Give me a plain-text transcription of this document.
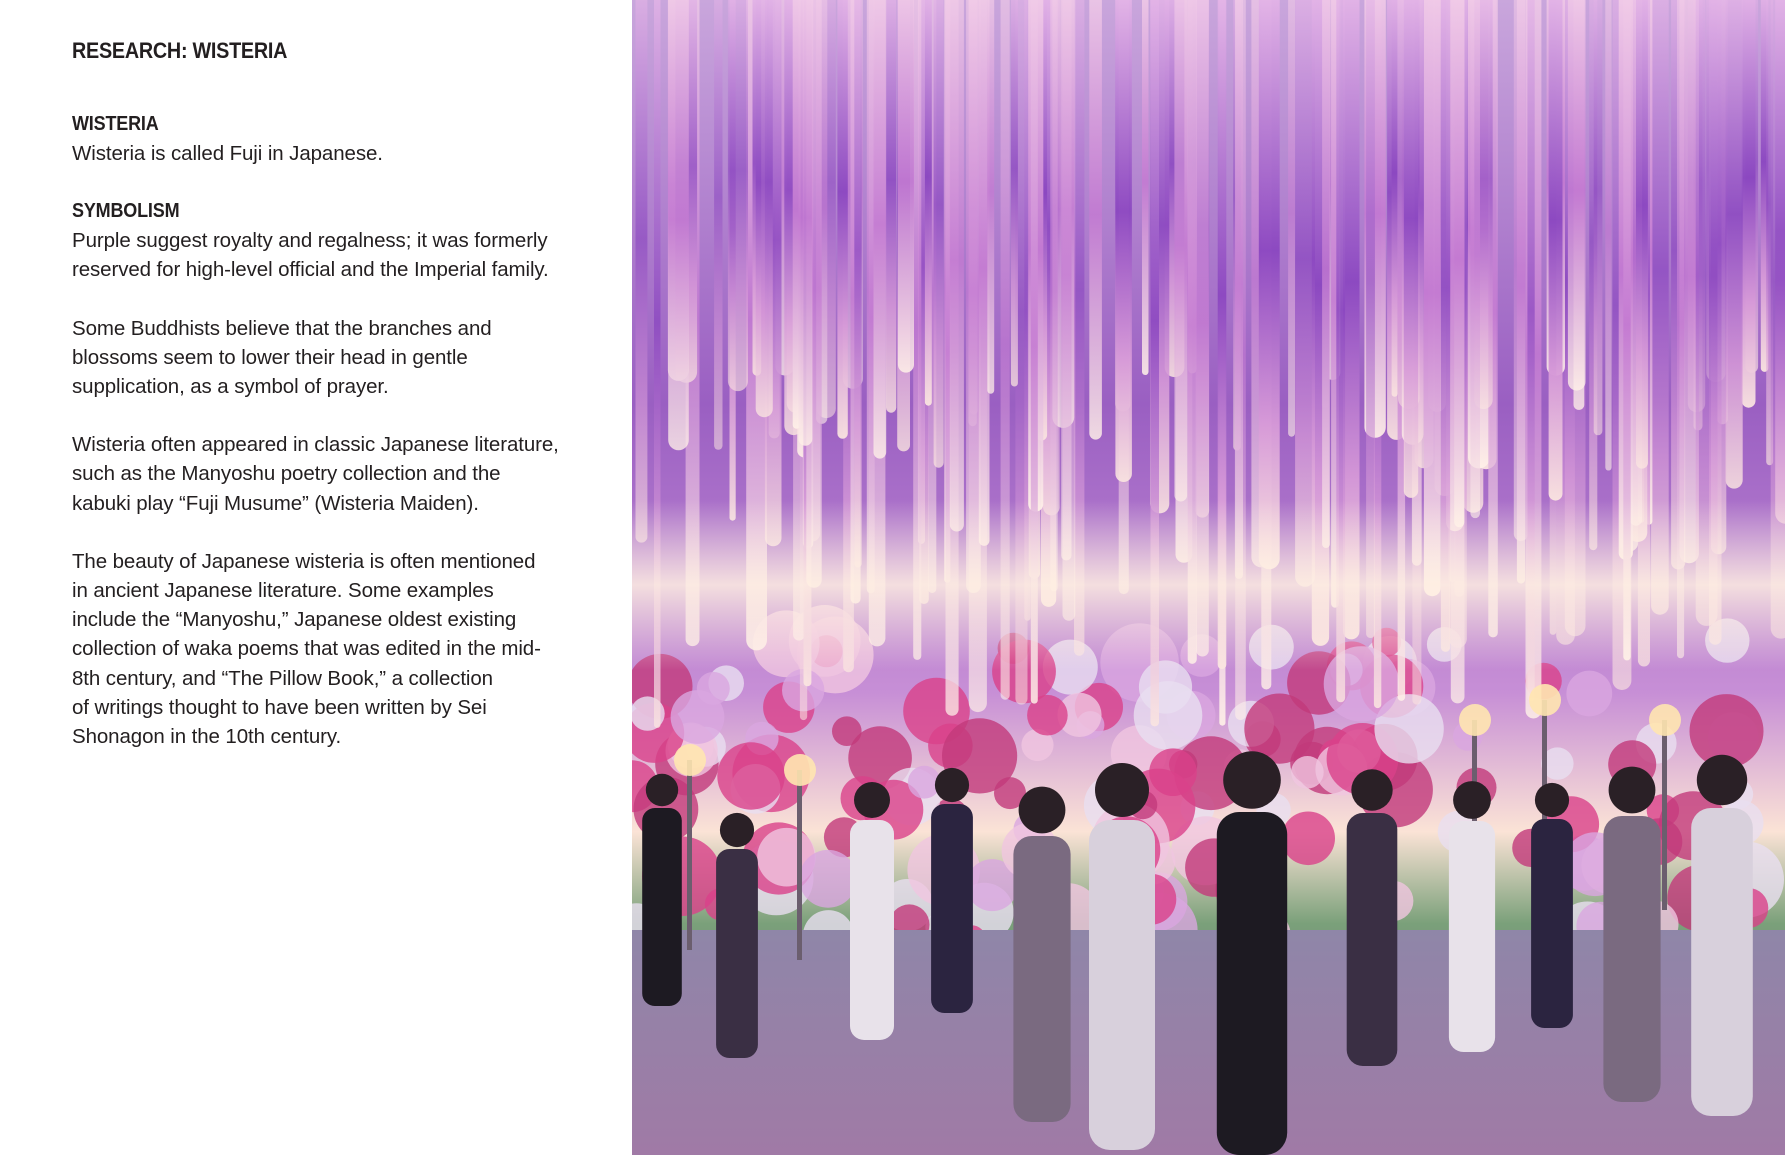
RESEARCH: WISTERIA
WISTERIA
Wisteria is called Fuji in Japanese.
SYMBOLISM
Purple suggest royalty and regalness; it was formerly
reserved for high-level official and the Imperial family.
Some Buddhists believe that the branches and
blossoms seem to lower their head in gentle
supplication, as a symbol of prayer.
Wisteria often appeared in classic Japanese literature,
such as the Manyoshu poetry collection and the
kabuki play “Fuji Musume” (Wisteria Maiden).
The beauty of Japanese wisteria is often mentioned
in ancient Japanese literature. Some examples
include the “Manyoshu,” Japanese oldest existing
collection of waka poems that was edited in the mid-
8th century, and “The Pillow Book,” a collection
of writings thought to have been written by Sei
Shonagon in the 10th century.
